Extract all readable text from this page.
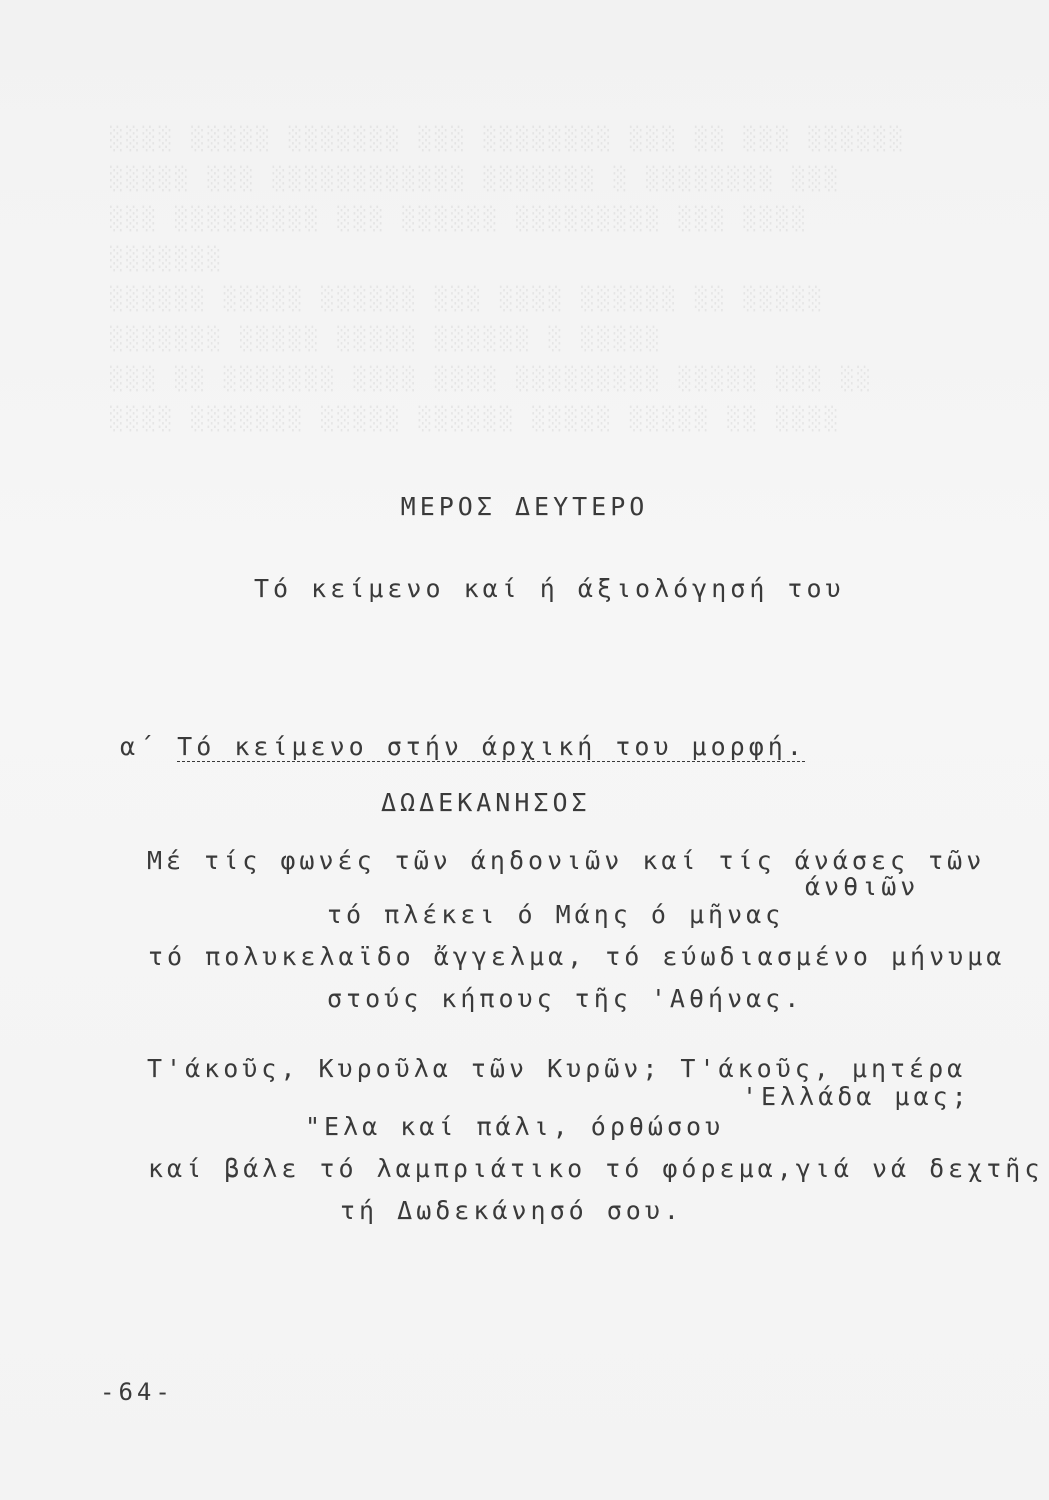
░░░░ ░░░░░ ░░░░░░░ ░░░ ░░░░░░░░ ░░░ ░░ ░░░ ░░░░░░
░░░░░ ░░░ ░░░░░░░░░░░░ ░░░░░░░ ░ ░░░░░░░░ ░░░
░░░ ░░░░░░░░░ ░░░ ░░░░░░ ░░░░░░░░░ ░░░ ░░░░
░░░░░░░
░░░░░░ ░░░░░ ░░░░░░ ░░░ ░░░░ ░░░░░░ ░░ ░░░░░
░░░░░░░ ░░░░░ ░░░░░ ░░░░░░ ░ ░░░░░
░░░ ░░ ░░░░░░░ ░░░░ ░░░░ ░░░░░░░░░ ░░░░░ ░░░ ░░
░░░░ ░░░░░░░ ░░░░░ ░░░░░░ ░░░░░ ░░░░░ ░░ ░░░░
ΜΕΡΟΣ ΔΕΥΤΕΡΟ
Τό κείμενο καί ή άξιολόγησή του
α΄ Τό κείμενο στήν άρχική του μορφή.
ΔΩΔΕΚΑΝΗΣΟΣ
Μέ τίς φωνές τῶν άηδονιῶν καί τίς άνάσες τῶν
άνθιῶν
τό πλέκει ό Μάης ό μῆνας
τό πολυκελαϊδο ἄγγελμα, τό εύωδιασμένο μήνυμα
στούς κήπους τῆς 'Αθήνας.
Τ'άκοῦς, Κυροῦλα τῶν Κυρῶν; Τ'άκοῦς, μητέρα
'Ελλάδα μας;
"Ελα καί πάλι, όρθώσου
καί βάλε τό λαμπριάτικο τό φόρεμα,γιά νά δεχτῆς
τή Δωδεκάνησό σου.
-64-
